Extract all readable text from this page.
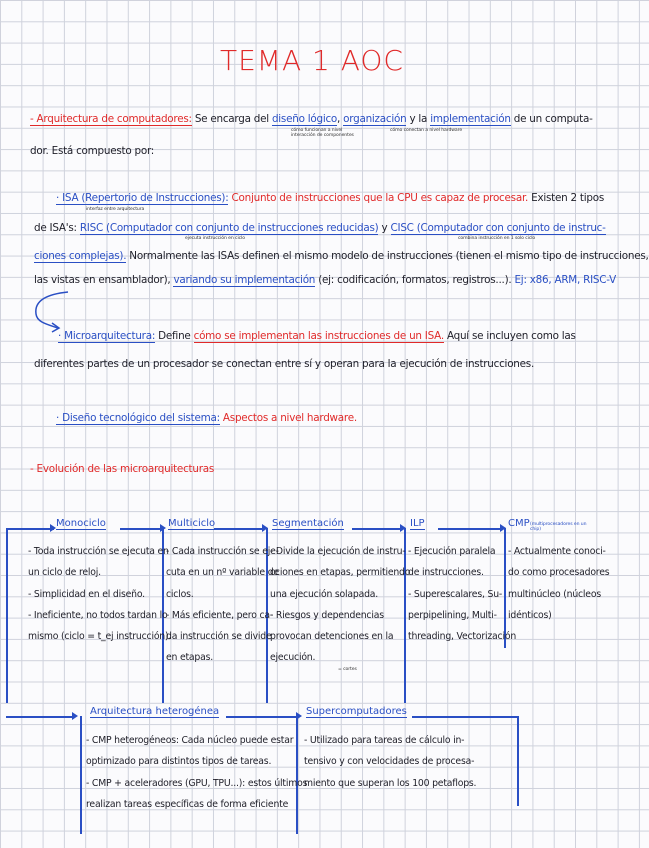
TEMA 1 AOC
- Arquitectura de computadores: Se encarga del diseño lógico, organización y la implementación de un computa-
cómo funcionan a nivel
interacción de componentes
cómo conectan a nivel hardware
dor. Está compuesto por:
· ISA (Repertorio de Instrucciones): Conjunto de instrucciones que la CPU es capaz de procesar. Existen 2 tipos
interfaz entre arquitectura
de ISA's: RISC (Computador con conjunto de instrucciones reducidas) y CISC (Computador con conjunto de instruc-
ejecuta instrucción en ciclo	combina instrucción en 1 solo ciclo
ciones complejas). Normalmente las ISAs definen el mismo modelo de instrucciones (tienen el mismo tipo de instrucciones,
las vistas en ensamblador), variando su implementación (ej: codificación, formatos, registros...). Ej: x86, ARM, RISC-V
· Microarquitectura: Define cómo se implementan las instrucciones de un ISA. Aquí se incluyen como las
diferentes partes de un procesador se conectan entre sí y operan para la ejecución de instrucciones.
· Diseño tecnológico del sistema: Aspectos a nivel hardware.
- Evolución de las microarquitecturas
Monociclo	Multiciclo	Segmentación	ILP	CMP (multiprocesadores en un chip)
- Toda instrucción se ejecuta en
un ciclo de reloj.
- Simplicidad en el diseño.
- Ineficiente, no todos tardan lo
mismo (ciclo = t_ej instrucción).
- Cada instrucción se eje-
cuta en un nº variable de
ciclos.
- Más eficiente, pero ca-
da instrucción se divide
en etapas.
- Divide la ejecución de instru-
cciones en etapas, permitiendo
una ejecución solapada.
- Riesgos y dependencias
provocan detenciones en la
ejecución.
= cortes
- Ejecución paralela
de instrucciones.
- Superescalares, Su-
perpipelining, Multi-
threading, Vectorización
- Actualmente conoci-
do como procesadores
multinúcleo (núcleos
idénticos)
Arquitectura heterogénea	Supercomputadores
- CMP heterogéneos: Cada núcleo puede estar
optimizado para distintos tipos de tareas.
- CMP + aceleradores (GPU, TPU...): estos últimos
realizan tareas específicas de forma eficiente
- Utilizado para tareas de cálculo in-
tensivo y con velocidades de procesa-
miento que superan los 100 petaflops.
